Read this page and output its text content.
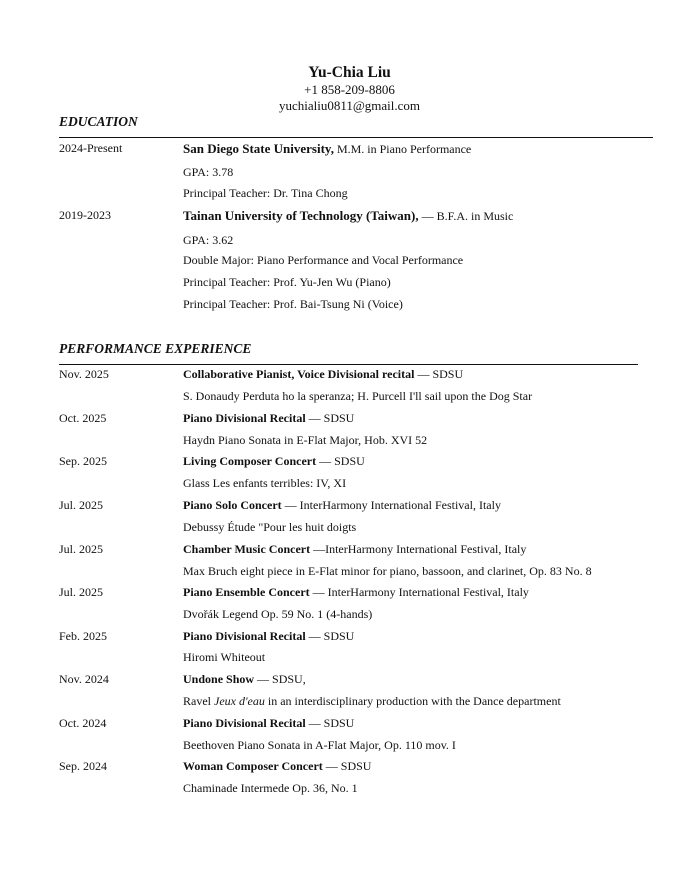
Yu-Chia Liu
+1 858-209-8806
yuchialiu0811@gmail.com
EDUCATION
2024-Present	San Diego State University, M.M. in Piano Performance
GPA: 3.78
Principal Teacher: Dr. Tina Chong
2019-2023	Tainan University of Technology (Taiwan), — B.F.A. in Music
GPA: 3.62
Double Major: Piano Performance and Vocal Performance
Principal Teacher: Prof. Yu-Jen Wu (Piano)
Principal Teacher: Prof. Bai-Tsung Ni (Voice)
PERFORMANCE EXPERIENCE
Nov. 2025	Collaborative Pianist, Voice Divisional recital — SDSU
S. Donaudy Perduta ho la speranza; H. Purcell I'll sail upon the Dog Star
Oct. 2025	Piano Divisional Recital — SDSU
Haydn Piano Sonata in E-Flat Major, Hob. XVI 52
Sep. 2025	Living Composer Concert — SDSU
Glass Les enfants terribles: IV, XI
Jul. 2025	Piano Solo Concert — InterHarmony International Festival, Italy
Debussy Étude "Pour les huit doigts
Jul. 2025	Chamber Music Concert —InterHarmony International Festival, Italy
Max Bruch eight piece in E-Flat minor for piano, bassoon, and clarinet, Op. 83 No. 8
Jul. 2025	Piano Ensemble Concert — InterHarmony International Festival, Italy
Dvořák Legend Op. 59 No. 1 (4-hands)
Feb. 2025	Piano Divisional Recital — SDSU
Hiromi Whiteout
Nov. 2024	Undone Show — SDSU,
Ravel Jeux d'eau in an interdisciplinary production with the Dance department
Oct. 2024	Piano Divisional Recital — SDSU
Beethoven Piano Sonata in A-Flat Major, Op. 110 mov. I
Sep. 2024	Woman Composer Concert — SDSU
Chaminade Intermede Op. 36, No. 1
